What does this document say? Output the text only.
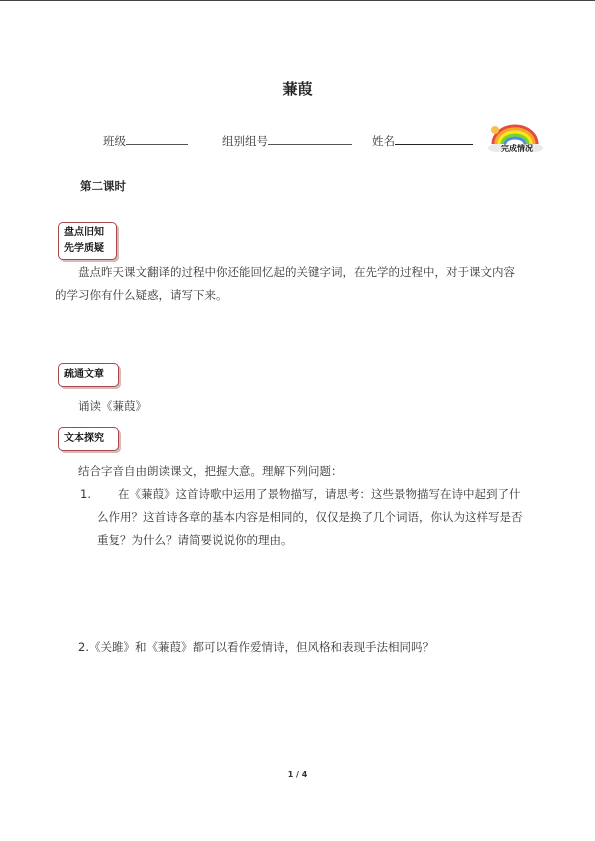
蒹葭
班级	组别组号	姓名
完成情况
第二课时
盘点旧知
先学质疑
盘点昨天课文翻译的过程中你还能回忆起的关键字词，在先学的过程中，对于课文内容
的学习你有什么疑惑，请写下来。
疏通文章
诵读《蒹葭》
文本探究
结合字音自由朗读课文，把握大意。理解下列问题：
1. 在《蒹葭》这首诗歌中运用了景物描写，请思考：这些景物描写在诗中起到了什
么作用？这首诗各章的基本内容是相同的，仅仅是换了几个词语，你认为这样写是否
重复？为什么？请简要说说你的理由。
2.《关雎》和《蒹葭》都可以看作爱情诗，但风格和表现手法相同吗？
1 / 4
